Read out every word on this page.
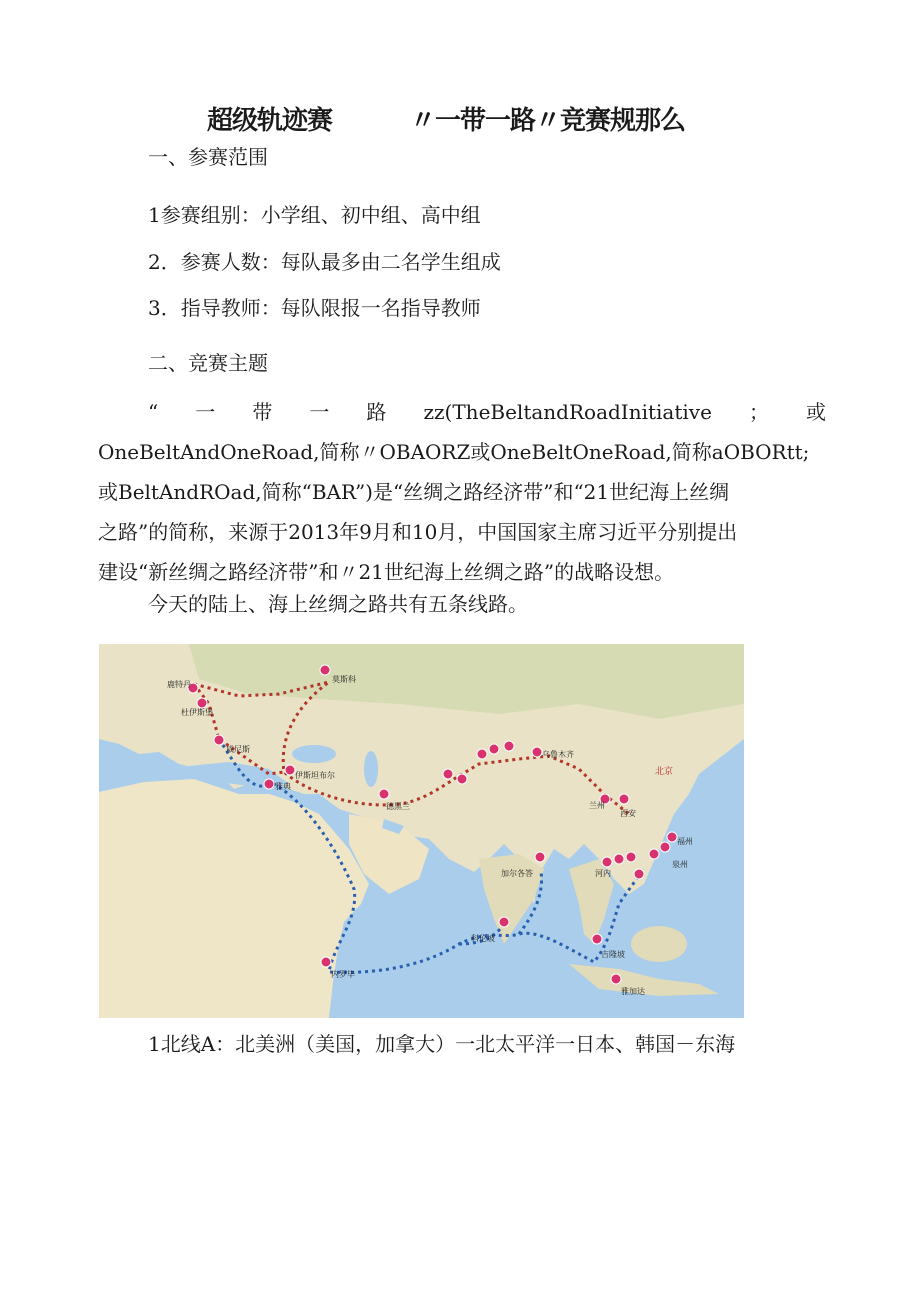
超级轨迹赛	〃一带一路〃竞赛规那么
一、参赛范围
1参赛组别：小学组、初中组、高中组
2．参赛人数：每队最多由二名学生组成
3．指导教师：每队限报一名指导教师
二、竞赛主题
“ 一 带 一 路 zz(TheBeltandRoadInitiative ； 或
OneBeltAndOneRoad,简称〃OBAORZ或OneBeltOneRoad,简称aOBORtt;
或BeltAndROad,简称“BAR”)是“丝绸之路经济带”和“21世纪海上丝绸
之路”的简称，来源于2013年9月和10月，中国国家主席习近平分别提出
建设“新丝绸之路经济带”和〃21世纪海上丝绸之路”的战略设想。
今天的陆上、海上丝绸之路共有五条线路。
北京
莫斯科
鹿特丹
杜伊斯堡
威尼斯
伊斯坦布尔
雅典
德黑兰
乌鲁木齐
兰州
西安
福州
泉州
河内
加尔各答
科伦坡
吉隆坡
雅加达
内罗毕
1北线A：北美洲（美国，加拿大）一北太平洋一日本、韩国－东海
